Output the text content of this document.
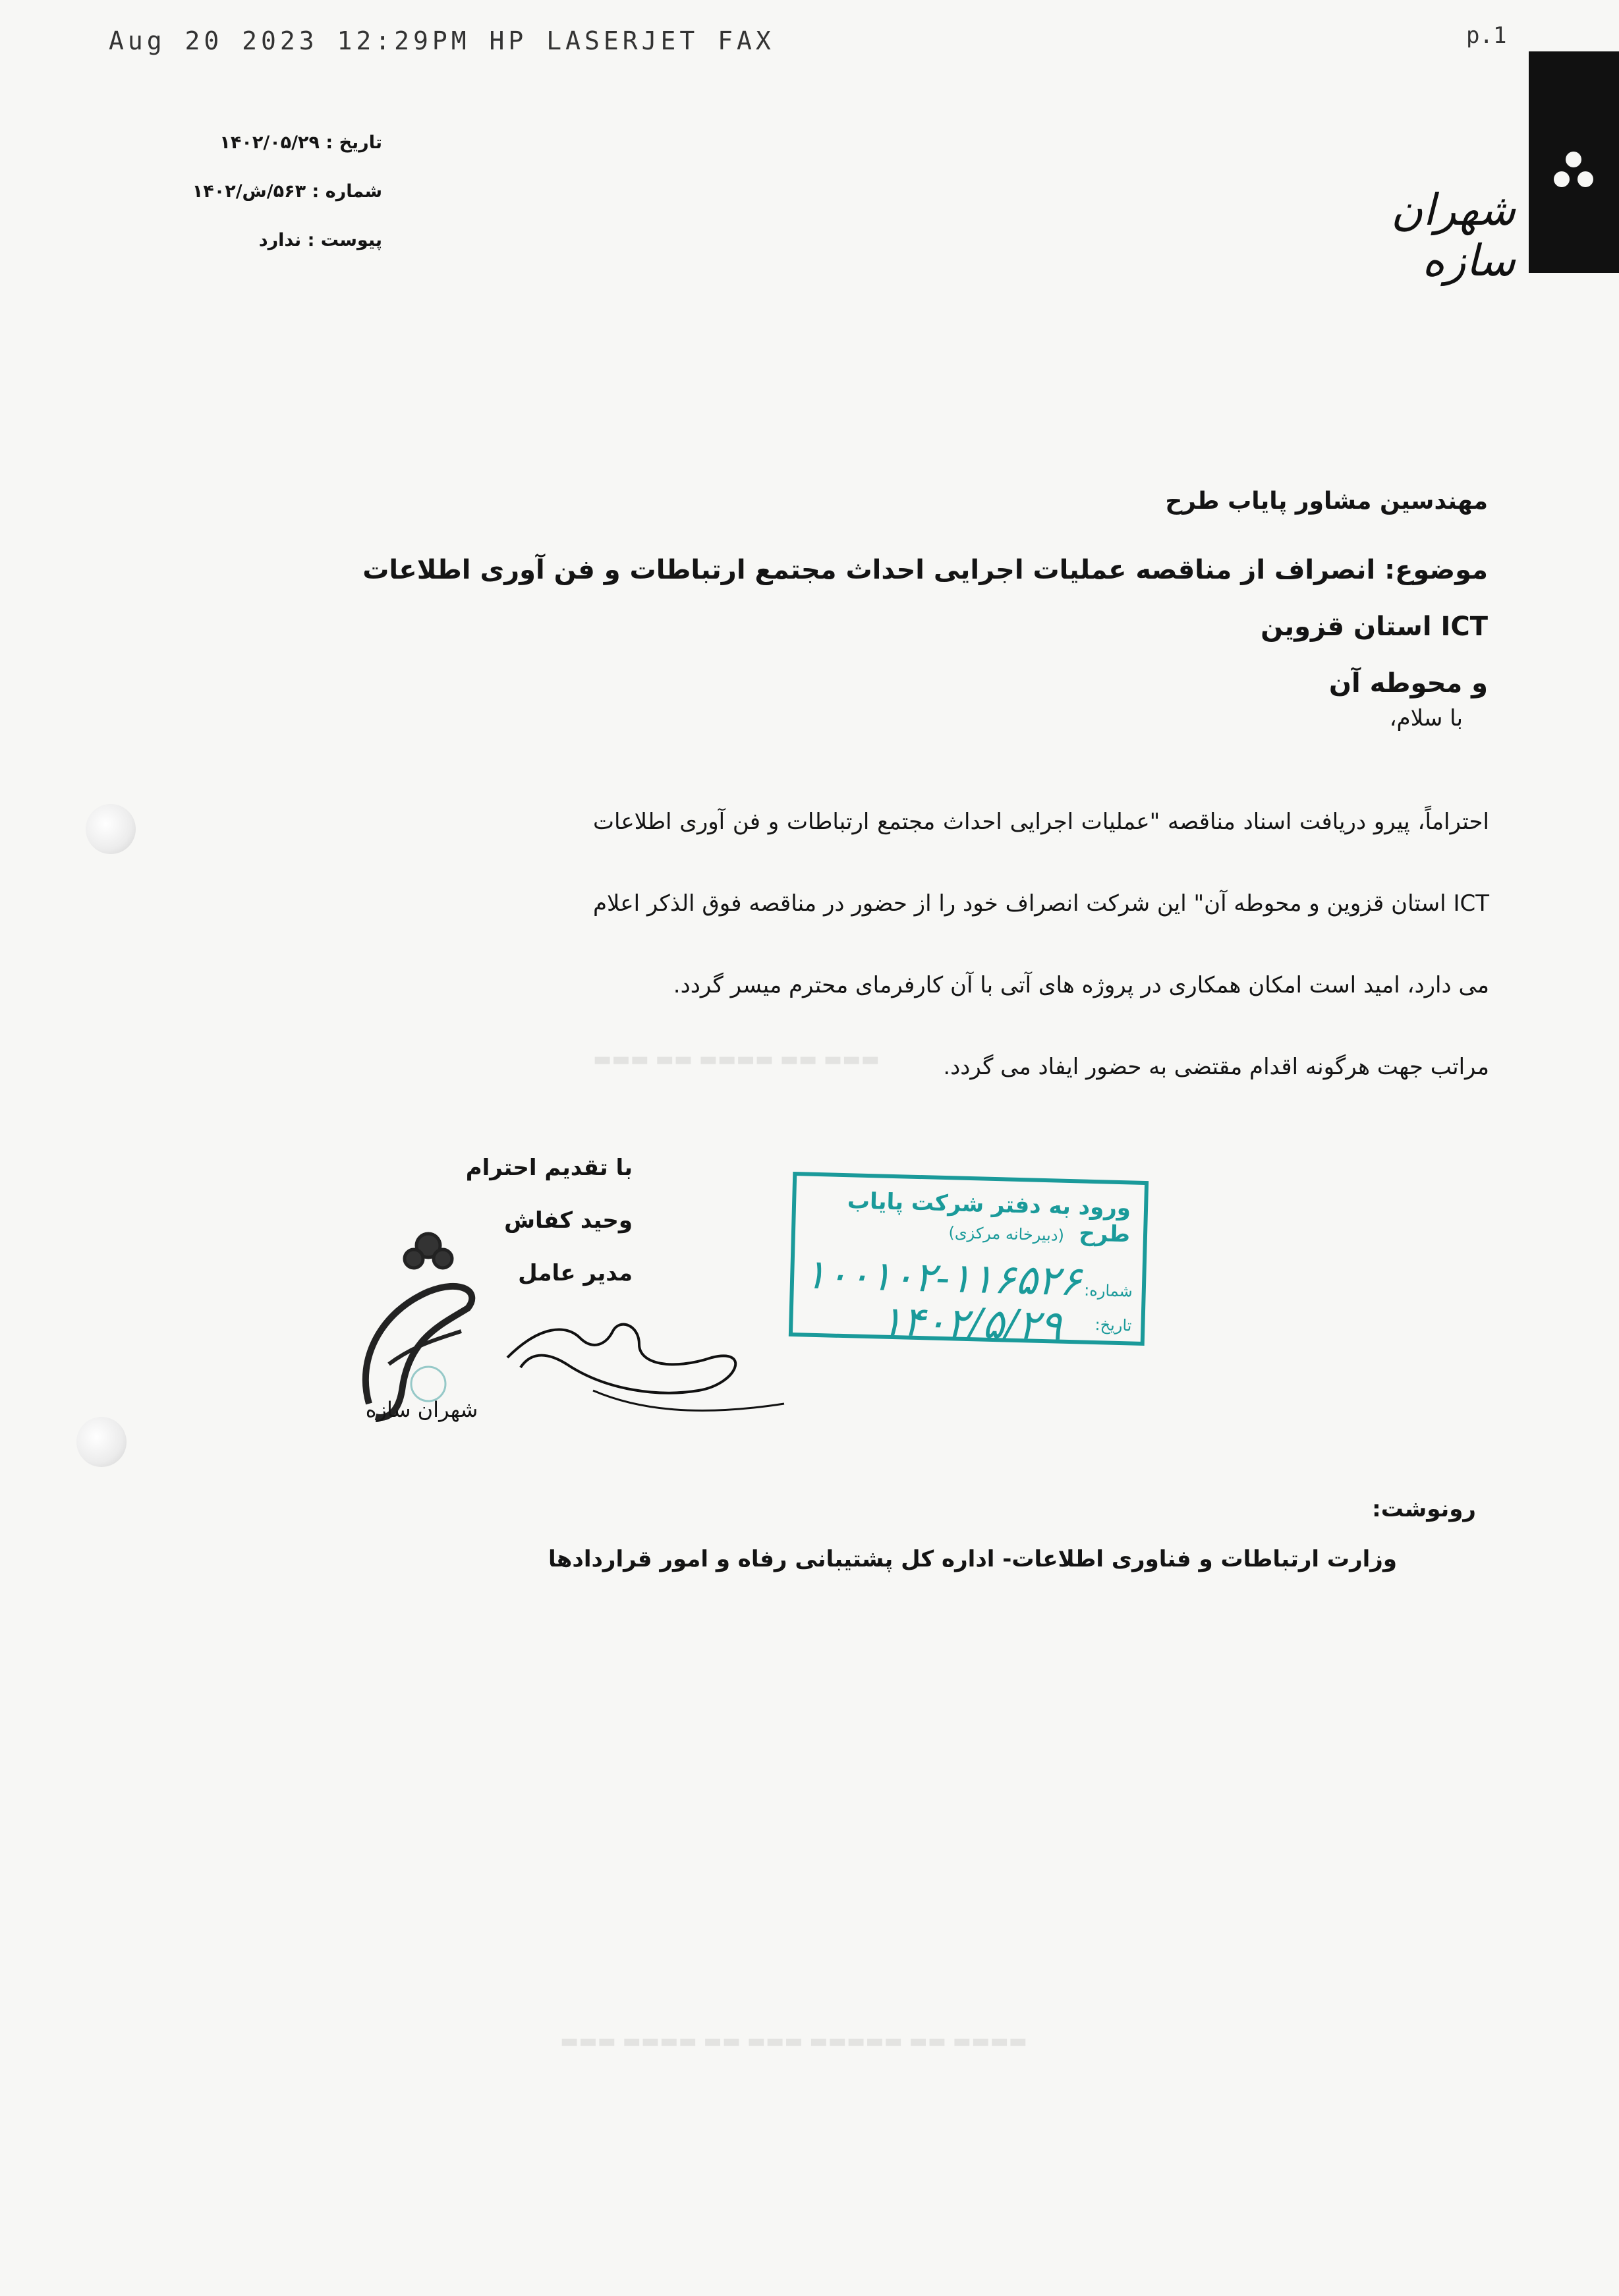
Aug 20 2023 12:29PM HP LASERJET FAX	p.1
شهران سازه
تاریخ : ۱۴۰۲/۰۵/۲۹
شماره : ۵۶۳/ش/۱۴۰۲
پیوست : ندارد
مهندسین مشاور پایاب طرح
موضوع: انصراف از مناقصه عملیات اجرایی احداث مجتمع ارتباطات و فن آوری اطلاعات ICT استان قزوین
و محوطه آن
با سلام،
احتراماً، پیرو دریافت اسناد مناقصه "عملیات اجرایی احداث مجتمع ارتباطات و فن آوری اطلاعات ICT استان قزوین و محوطه آن" این شرکت انصراف خود را از حضور در مناقصه فوق الذکر اعلام می دارد، امید است امکان همکاری در پروژه های آتی با آن کارفرمای محترم میسر گردد.
مراتب جهت هرگونه اقدام مقتضی به حضور ایفاد می گردد.
با تقدیم احترام
وحید کفاش
مدیر عامل
شهران سازه
ورود به دفتر شرکت پایاب طرح
(دبیرخانه مرکزی)
شماره:
۱۰۰۱۰۲-۱۱۶۵۲۶
تاریخ:
۱۴۰۲/۵/۲۹
رونوشت:
وزارت ارتباطات و فناوری اطلاعات- اداره کل پشتیبانی رفاه و امور قراردادها
▬▬▬ ▬▬ ▬▬▬▬ ▬▬ ▬▬▬
▬▬▬▬ ▬▬ ▬▬▬▬▬ ▬▬▬ ▬▬ ▬▬▬▬ ▬▬▬
